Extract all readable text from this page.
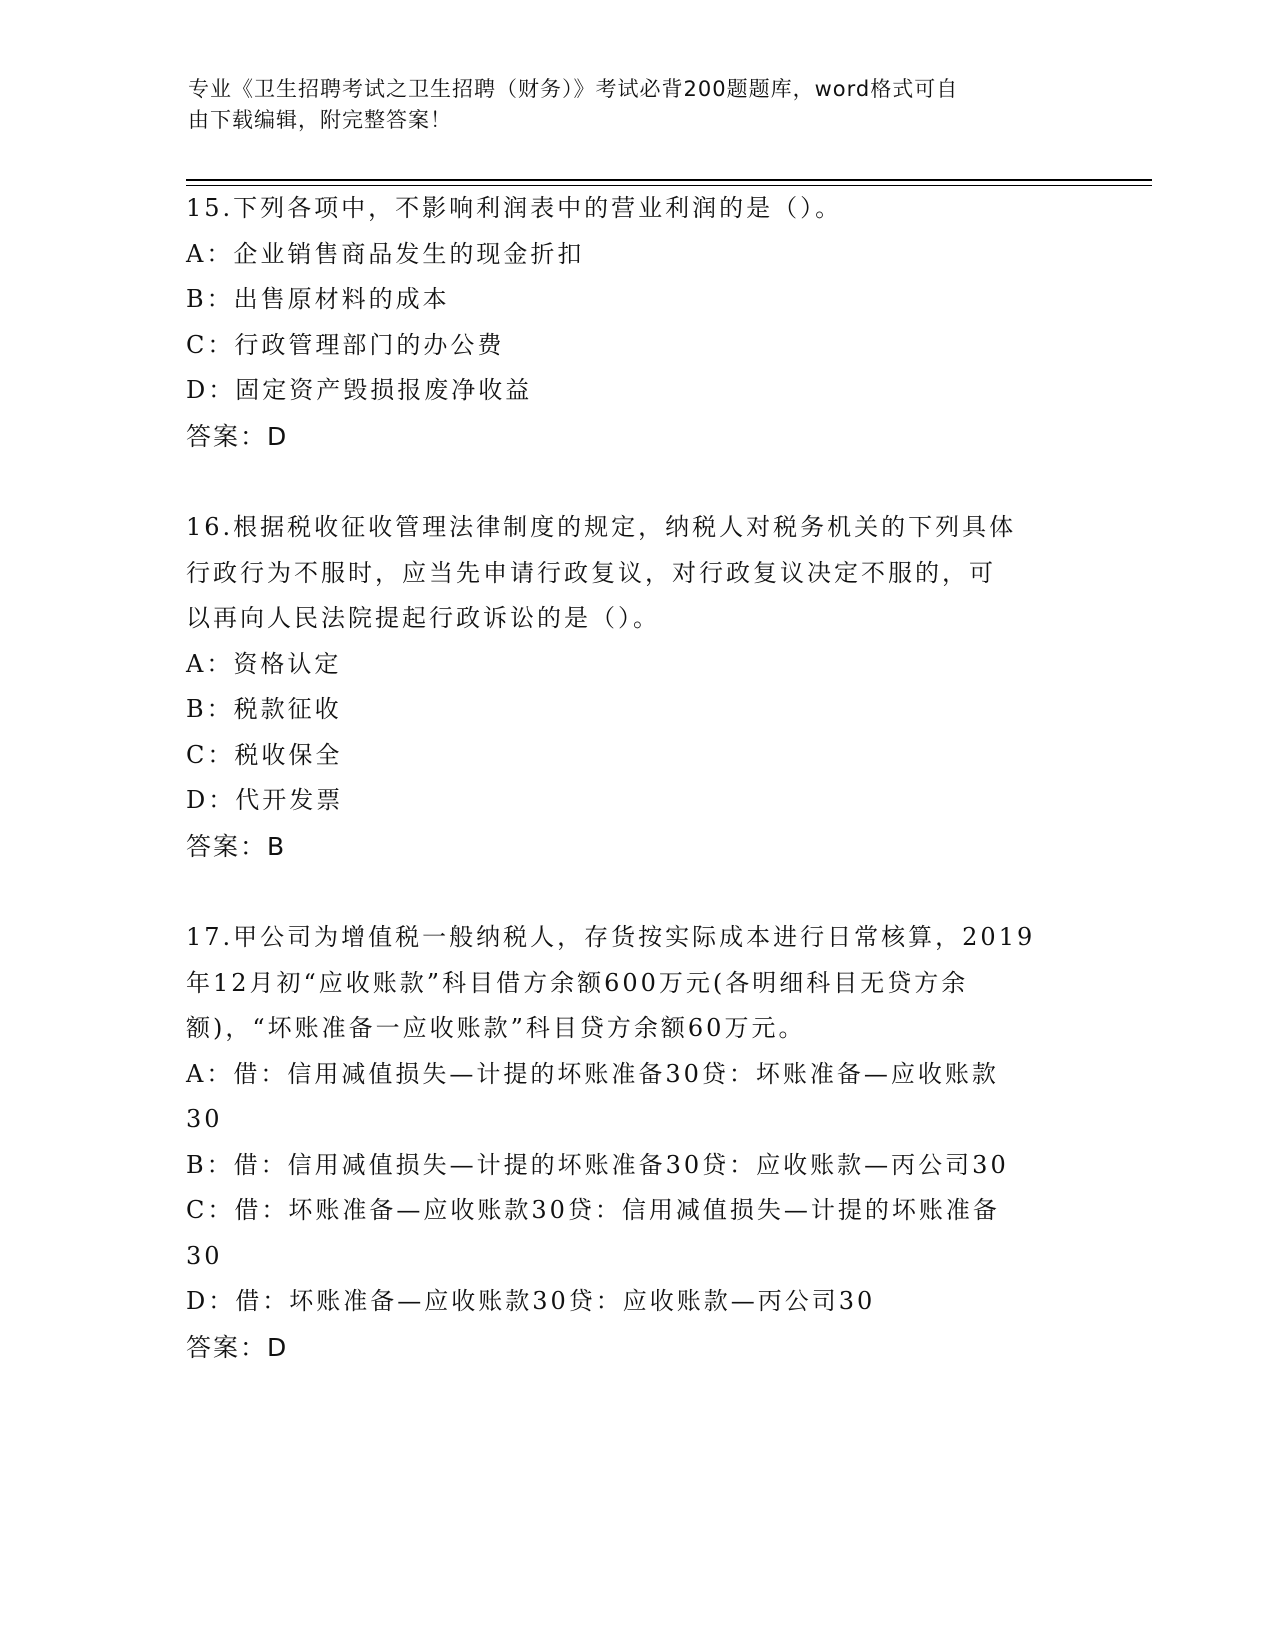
专业《卫生招聘考试之卫生招聘（财务）》考试必背200题题库，word格式可自
由下载编辑，附完整答案！
15.下列各项中，不影响利润表中的营业利润的是（）。
A：企业销售商品发生的现金折扣
B：出售原材料的成本
C：行政管理部门的办公费
D：固定资产毁损报废净收益
答案：D
16.根据税收征收管理法律制度的规定，纳税人对税务机关的下列具体
行政行为不服时，应当先申请行政复议，对行政复议决定不服的，可
以再向人民法院提起行政诉讼的是（）。
A：资格认定
B：税款征收
C：税收保全
D：代开发票
答案：B
17.甲公司为增值税一般纳税人，存货按实际成本进行日常核算，2019
年12月初“应收账款”科目借方余额600万元(各明细科目无贷方余
额)，“坏账准备一应收账款”科目贷方余额60万元。
A：借：信用减值损失—计提的坏账准备30贷：坏账准备—应收账款
30
B：借：信用减值损失—计提的坏账准备30贷：应收账款—丙公司30
C：借：坏账准备—应收账款30贷：信用减值损失—计提的坏账准备
30
D：借：坏账准备—应收账款30贷：应收账款—丙公司30
答案：D
